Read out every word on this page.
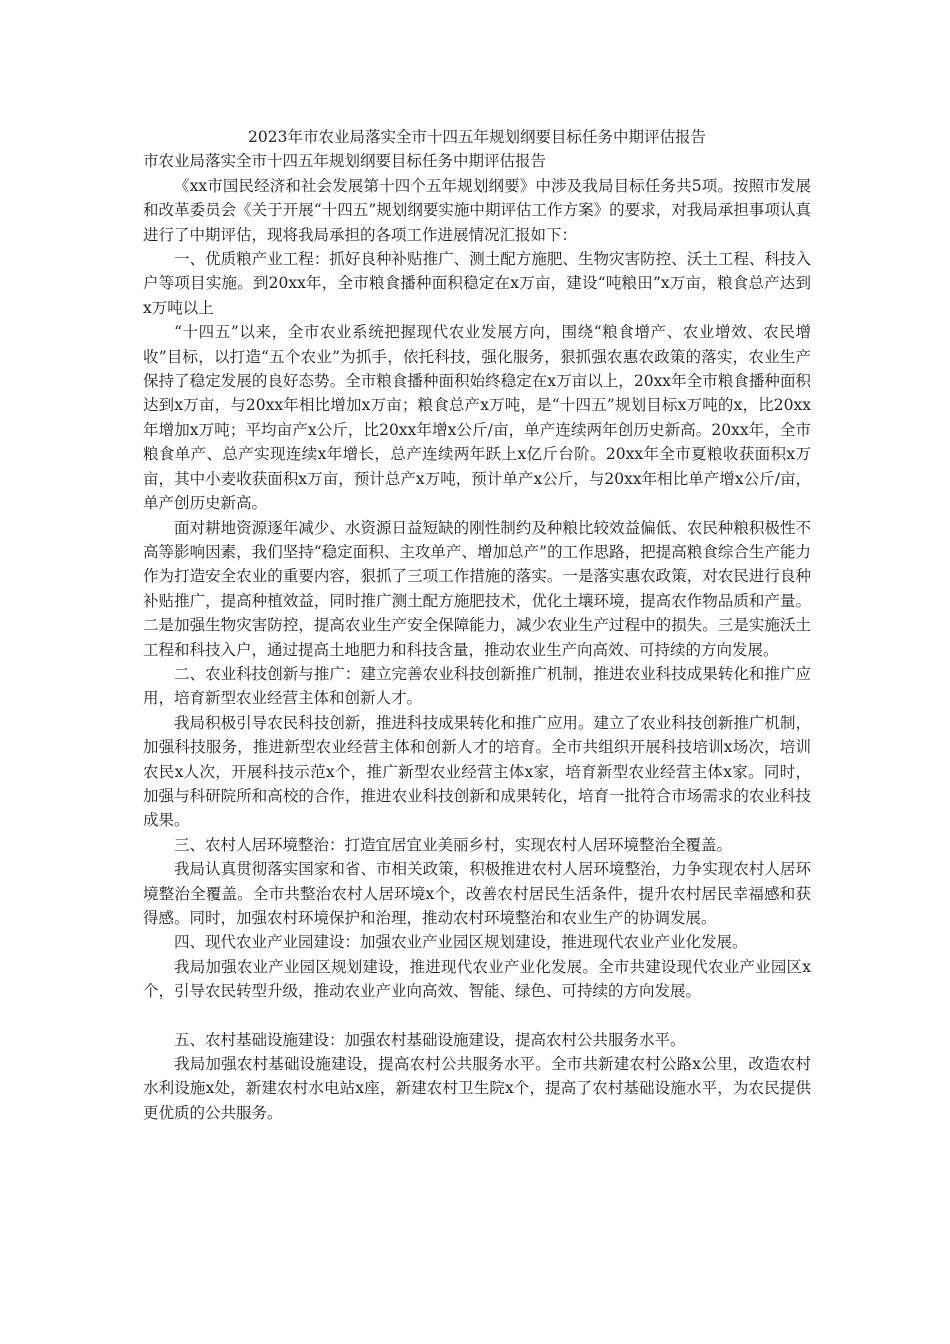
2023年市农业局落实全市十四五年规划纲要目标任务中期评估报告

市农业局落实全市十四五年规划纲要目标任务中期评估报告

《xx市国民经济和社会发展第十四个五年规划纲要》中涉及我局目标任务共5项。按照市发展和改革委员会《关于开展“十四五”规划纲要实施中期评估工作方案》的要求，对我局承担事项认真进行了中期评估，现将我局承担的各项工作进展情况汇报如下：

一、优质粮产业工程：抓好良种补贴推广、测土配方施肥、生物灾害防控、沃土工程、科技入户等项目实施。到20xx年，全市粮食播种面积稳定在x万亩，建设“吨粮田”x万亩，粮食总产达到x万吨以上

“十四五”以来，全市农业系统把握现代农业发展方向，围绕“粮食增产、农业增效、农民增收”目标，以打造“五个农业”为抓手，依托科技，强化服务，狠抓强农惠农政策的落实，农业生产保持了稳定发展的良好态势。全市粮食播种面积始终稳定在x万亩以上，20xx年全市粮食播种面积达到x万亩，与20xx年相比增加x万亩；粮食总产x万吨，是“十四五”规划目标x万吨的x，比20xx年增加x万吨；平均亩产x公斤，比20xx年增x公斤/亩，单产连续两年创历史新高。20xx年，全市粮食单产、总产实现连续x年增长，总产连续两年跃上x亿斤台阶。20xx年全市夏粮收获面积x万亩，其中小麦收获面积x万亩，预计总产x万吨，预计单产x公斤，与20xx年相比单产增x公斤/亩，单产创历史新高。

面对耕地资源逐年减少、水资源日益短缺的刚性制约及种粮比较效益偏低、农民种粮积极性不高等影响因素，我们坚持“稳定面积、主攻单产、增加总产”的工作思路，把提高粮食综合生产能力作为打造安全农业的重要内容，狠抓了三项工作措施的落实。一是落实惠农政策，对农民进行良种补贴推广，提高种植效益，同时推广测土配方施肥技术，优化土壤环境，提高农作物品质和产量。二是加强生物灾害防控，提高农业生产安全保障能力，减少农业生产过程中的损失。三是实施沃土工程和科技入户，通过提高土地肥力和科技含量，推动农业生产向高效、可持续的方向发展。

二、农业科技创新与推广：建立完善农业科技创新推广机制，推进农业科技成果转化和推广应用，培育新型农业经营主体和创新人才。

我局积极引导农民科技创新，推进科技成果转化和推广应用。建立了农业科技创新推广机制，加强科技服务，推进新型农业经营主体和创新人才的培育。全市共组织开展科技培训x场次，培训农民x人次，开展科技示范x个，推广新型农业经营主体x家，培育新型农业经营主体x家。同时，加强与科研院所和高校的合作，推进农业科技创新和成果转化，培育一批符合市场需求的农业科技成果。

三、农村人居环境整治：打造宜居宜业美丽乡村，实现农村人居环境整治全覆盖。

我局认真贯彻落实国家和省、市相关政策，积极推进农村人居环境整治，力争实现农村人居环境整治全覆盖。全市共整治农村人居环境x个，改善农村居民生活条件，提升农村居民幸福感和获得感。同时，加强农村环境保护和治理，推动农村环境整治和农业生产的协调发展。

四、现代农业产业园建设：加强农业产业园区规划建设，推进现代农业产业化发展。

我局加强农业产业园区规划建设，推进现代农业产业化发展。全市共建设现代农业产业园区x个，引导农民转型升级，推动农业产业向高效、智能、绿色、可持续的方向发展。

五、农村基础设施建设：加强农村基础设施建设，提高农村公共服务水平。

我局加强农村基础设施建设，提高农村公共服务水平。全市共新建农村公路x公里，改造农村水利设施x处，新建农村水电站x座，新建农村卫生院x个，提高了农村基础设施水平，为农民提供更优质的公共服务。
